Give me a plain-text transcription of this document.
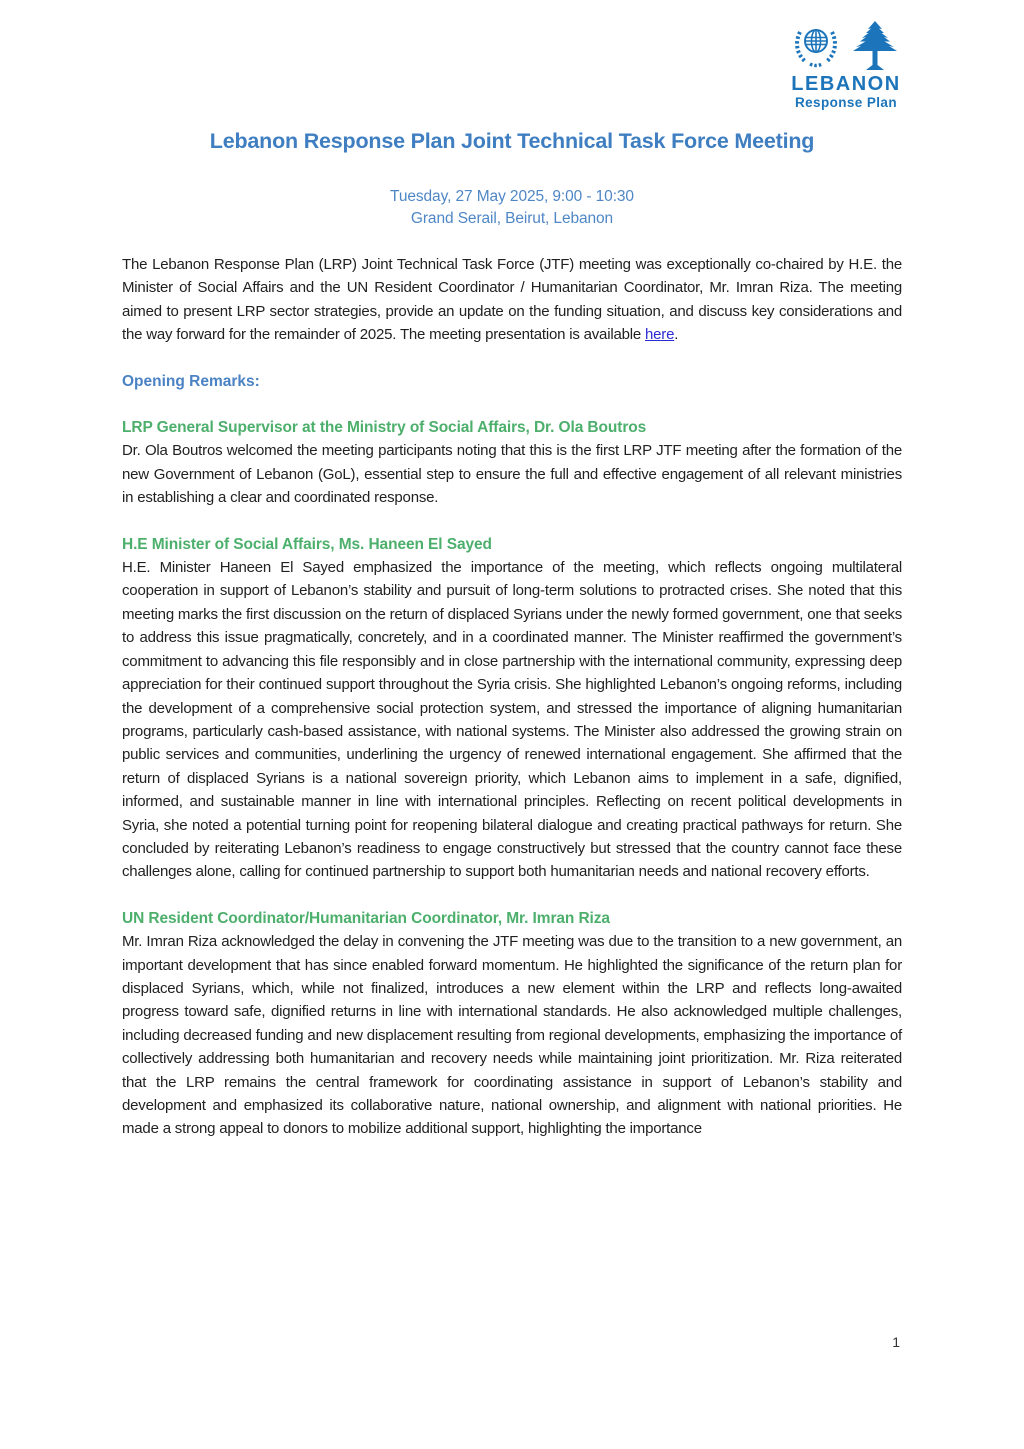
LEBANON
Response Plan
Lebanon Response Plan Joint Technical Task Force Meeting
Tuesday, 27 May 2025, 9:00 - 10:30
Grand Serail, Beirut, Lebanon

The Lebanon Response Plan (LRP) Joint Technical Task Force (JTF) meeting was exceptionally co-chaired by H.E. the Minister of Social Affairs and the UN Resident Coordinator / Humanitarian Coordinator, Mr. Imran Riza. The meeting aimed to present LRP sector strategies, provide an update on the funding situation, and discuss key considerations and the way forward for the remainder of 2025. The meeting presentation is available here.

Opening Remarks:

LRP General Supervisor at the Ministry of Social Affairs, Dr. Ola Boutros

Dr. Ola Boutros welcomed the meeting participants noting that this is the first LRP JTF meeting after the formation of the new Government of Lebanon (GoL), essential step to ensure the full and effective engagement of all relevant ministries in establishing a clear and coordinated response.

H.E Minister of Social Affairs, Ms. Haneen El Sayed

H.E. Minister Haneen El Sayed emphasized the importance of the meeting, which reflects ongoing multilateral cooperation in support of Lebanon’s stability and pursuit of long-term solutions to protracted crises. She noted that this meeting marks the first discussion on the return of displaced Syrians under the newly formed government, one that seeks to address this issue pragmatically, concretely, and in a coordinated manner. The Minister reaffirmed the government’s commitment to advancing this file responsibly and in close partnership with the international community, expressing deep appreciation for their continued support throughout the Syria crisis. She highlighted Lebanon’s ongoing reforms, including the development of a comprehensive social protection system, and stressed the importance of aligning humanitarian programs, particularly cash-based assistance, with national systems. The Minister also addressed the growing strain on public services and communities, underlining the urgency of renewed international engagement. She affirmed that the return of displaced Syrians is a national sovereign priority, which Lebanon aims to implement in a safe, dignified, informed, and sustainable manner in line with international principles. Reflecting on recent political developments in Syria, she noted a potential turning point for reopening bilateral dialogue and creating practical pathways for return. She concluded by reiterating Lebanon’s readiness to engage constructively but stressed that the country cannot face these challenges alone, calling for continued partnership to support both humanitarian needs and national recovery efforts.

UN Resident Coordinator/Humanitarian Coordinator, Mr. Imran Riza

Mr. Imran Riza acknowledged the delay in convening the JTF meeting was due to the transition to a new government, an important development that has since enabled forward momentum. He highlighted the significance of the return plan for displaced Syrians, which, while not finalized, introduces a new element within the LRP and reflects long-awaited progress toward safe, dignified returns in line with international standards. He also acknowledged multiple challenges, including decreased funding and new displacement resulting from regional developments, emphasizing the importance of collectively addressing both humanitarian and recovery needs while maintaining joint prioritization. Mr. Riza reiterated that the LRP remains the central framework for coordinating assistance in support of Lebanon’s stability and development and emphasized its collaborative nature, national ownership, and alignment with national priorities. He made a strong appeal to donors to mobilize additional support, highlighting the importance

1
